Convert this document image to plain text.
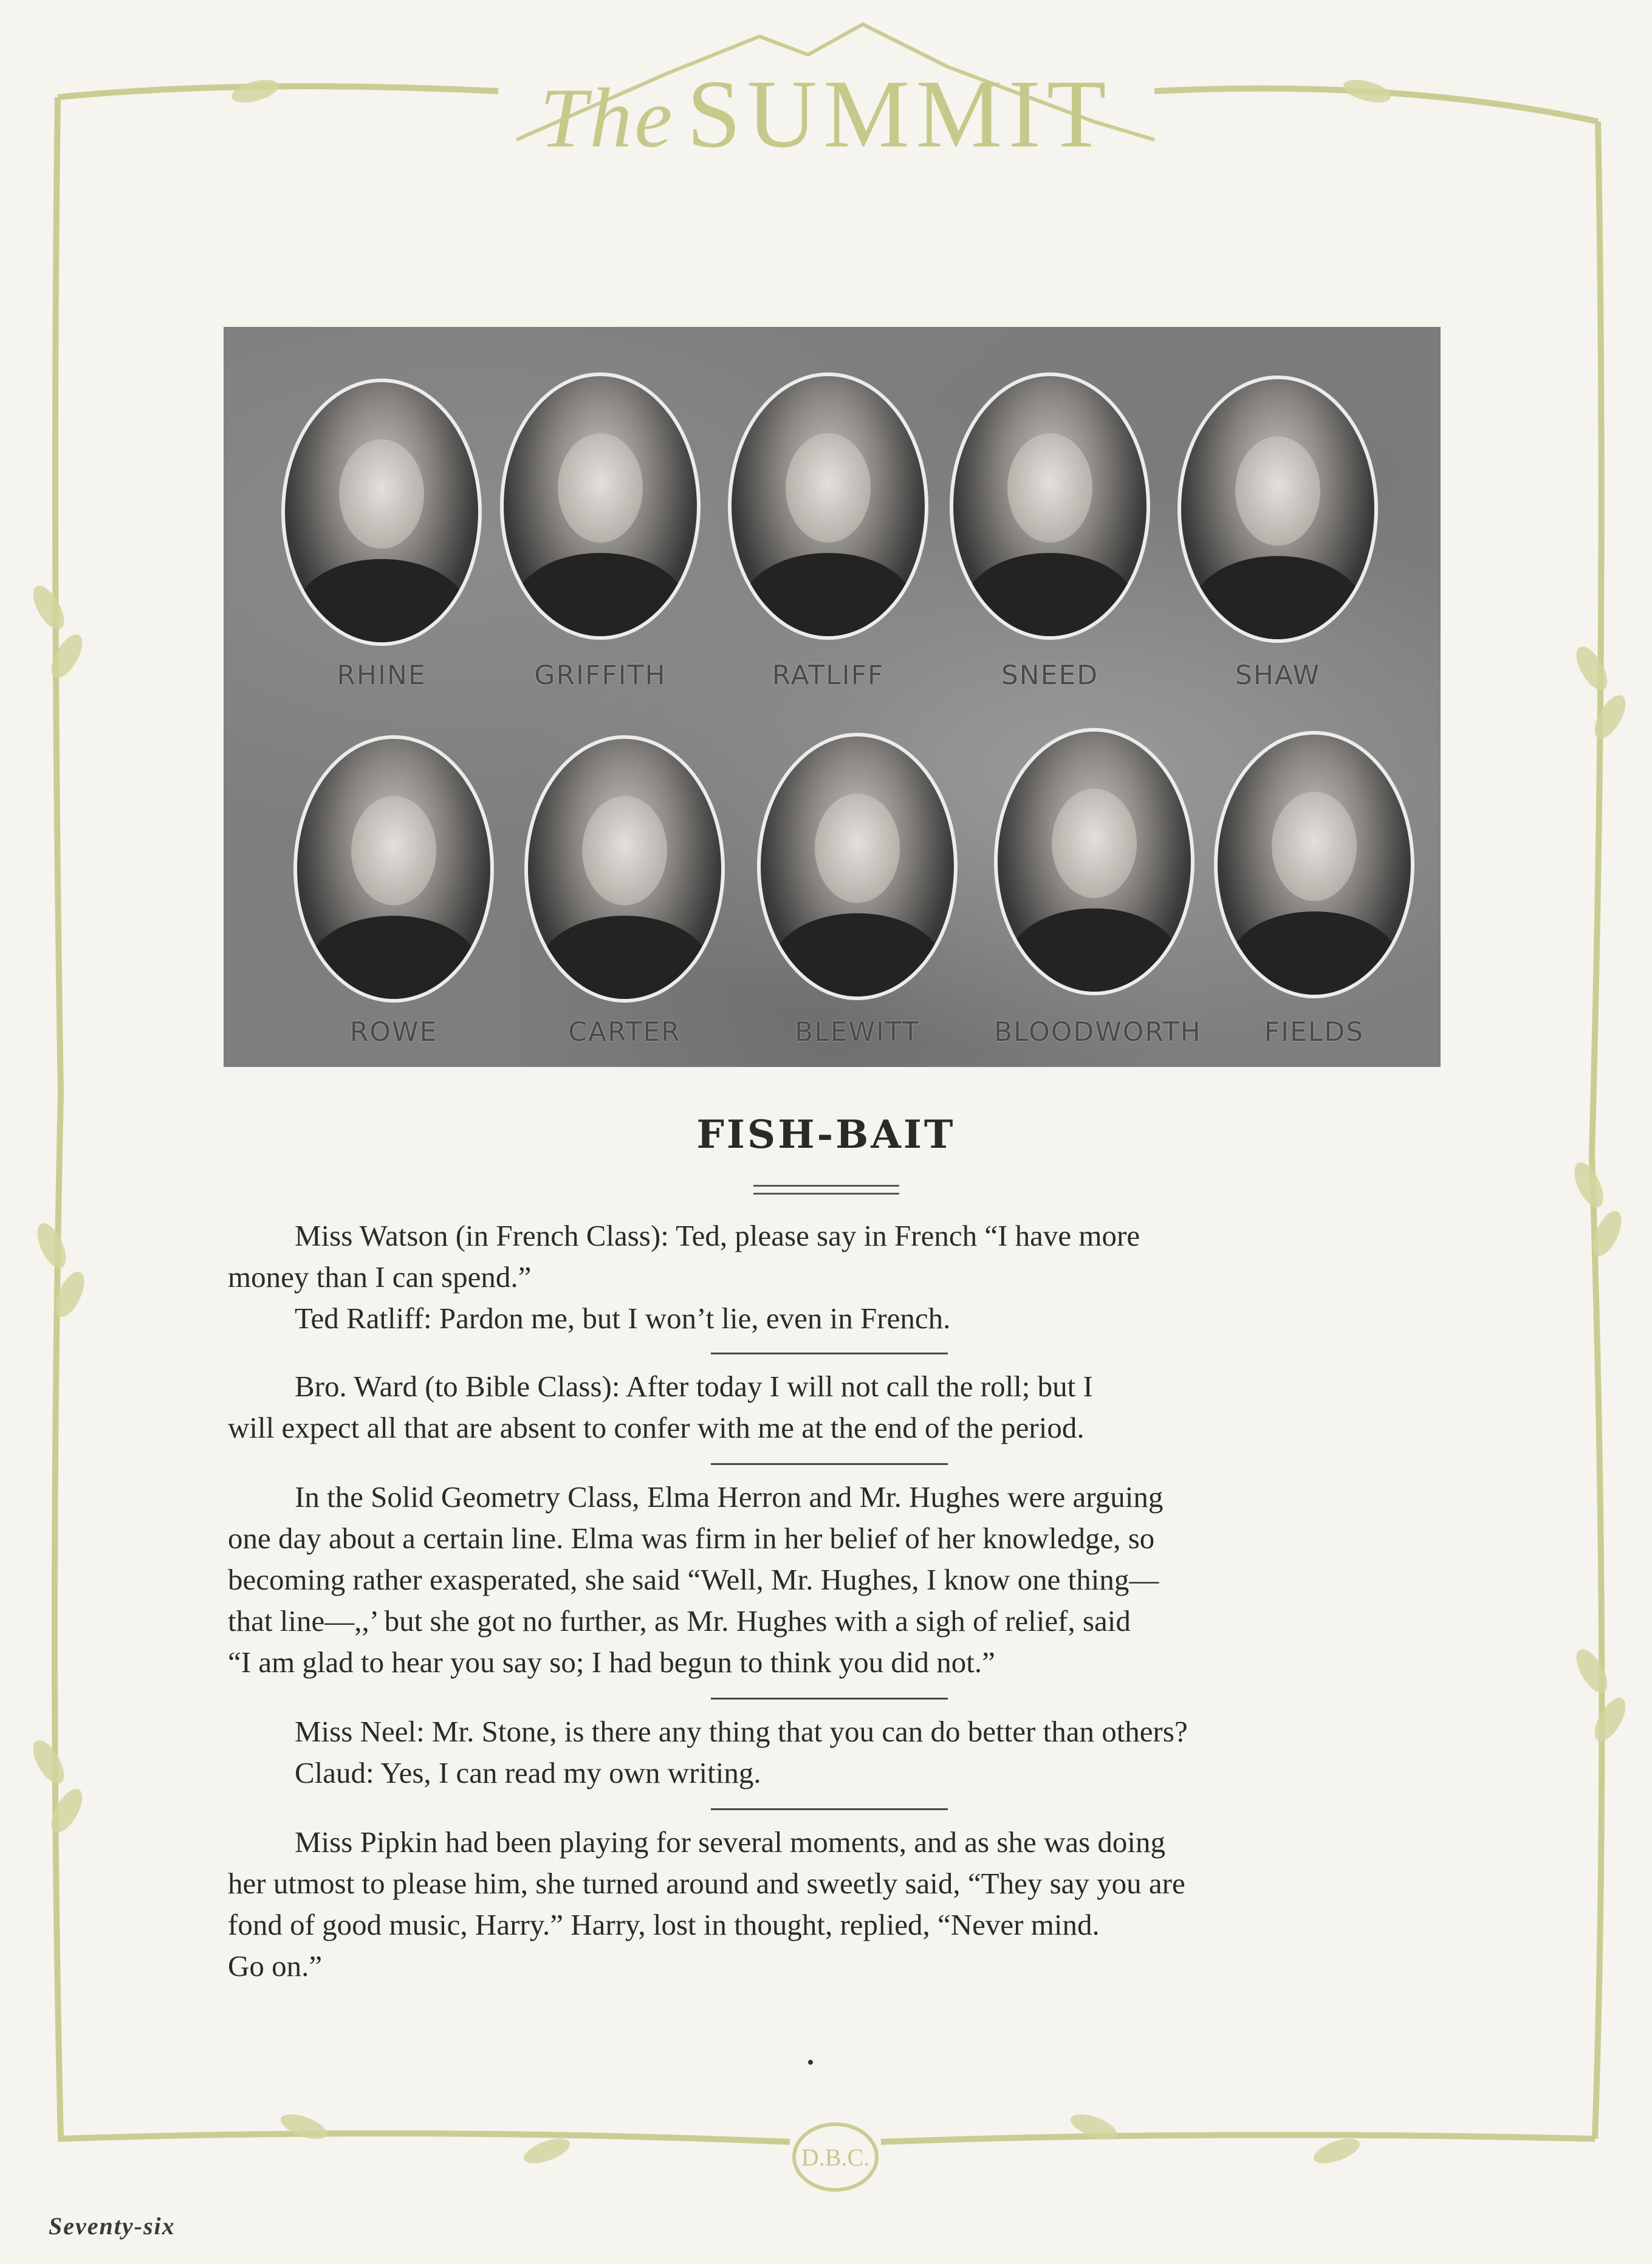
The SUMMIT
RHINE	GRIFFITH	RATLIFF	SNEED	SHAW
ROWE	CARTER	BLEWITT	BLOODWORTH	FIELDS
FISH-BAIT
Miss Watson (in French Class): Ted, please say in French “I have more
money than I can spend.”
Ted Ratliff: Pardon me, but I won’t lie, even in French.
Bro. Ward (to Bible Class): After today I will not call the roll; but I
will expect all that are absent to confer with me at the end of the period.
In the Solid Geometry Class, Elma Herron and Mr. Hughes were arguing
one day about a certain line. Elma was firm in her belief of her knowledge, so
becoming rather exasperated, she said “Well, Mr. Hughes, I know one thing—
that line—,,’ but she got no further, as Mr. Hughes with a sigh of relief, said
“I am glad to hear you say so; I had begun to think you did not.”
Miss Neel: Mr. Stone, is there any thing that you can do better than others?
Claud: Yes, I can read my own writing.
Miss Pipkin had been playing for several moments, and as she was doing
her utmost to please him, she turned around and sweetly said, “They say you are
fond of good music, Harry.” Harry, lost in thought, replied, “Never mind.
Go on.”
D.B.C.
Seventy-six
